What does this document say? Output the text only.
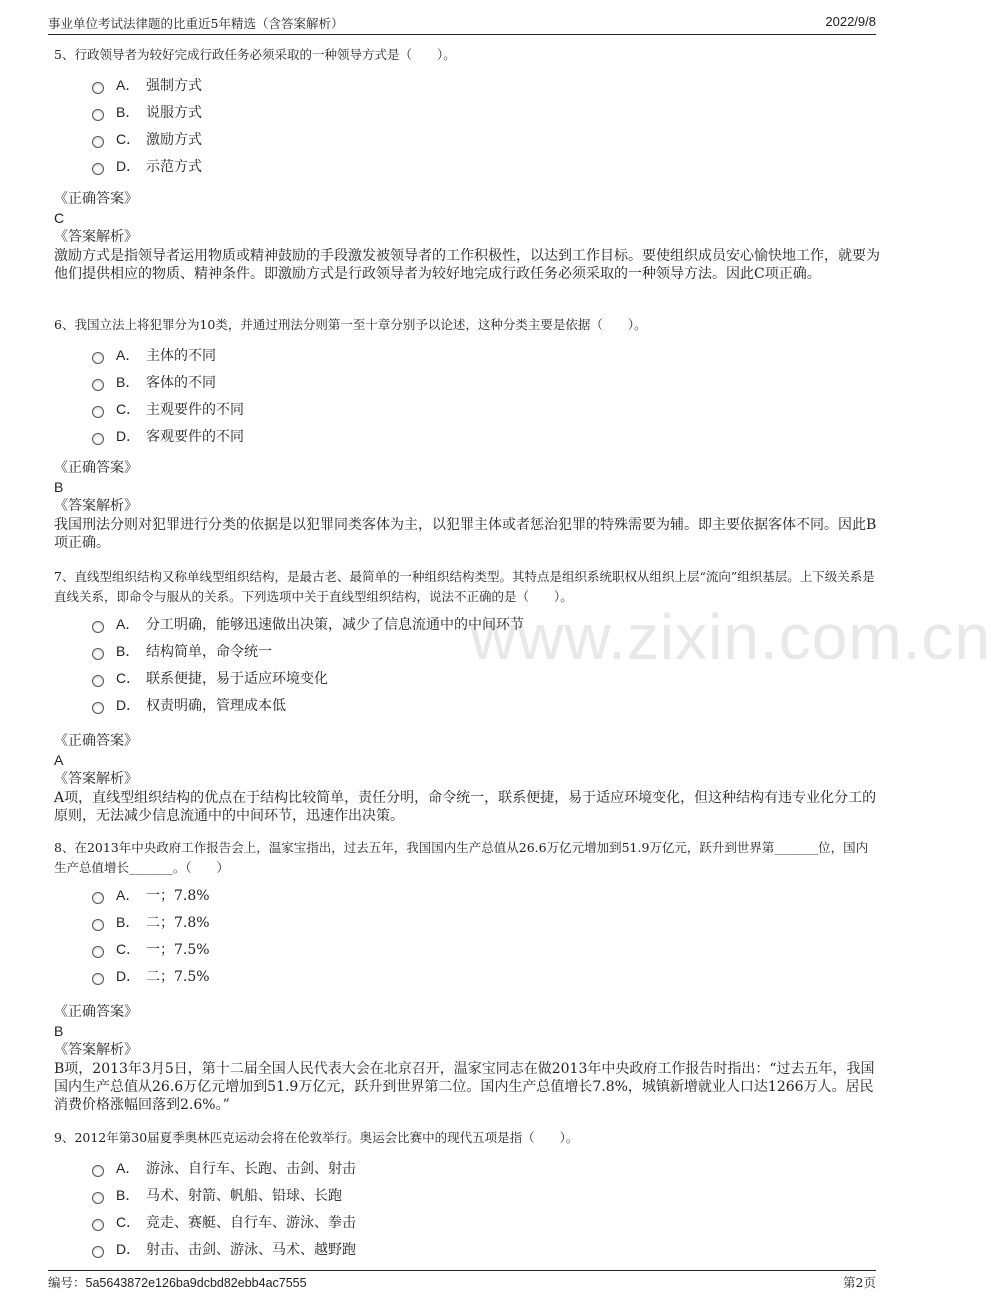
事业单位考试法律题的比重近5年精选（含答案解析）	2022/9/8
www.zixin.com.cn

5、行政领导者为较好完成行政任务必须采取的一种领导方式是（　　）。

A． 强制方式
B． 说服方式
C． 激励方式
D． 示范方式

《正确答案》

C

《答案解析》

激励方式是指领导者运用物质或精神鼓励的手段激发被领导者的工作积极性，以达到工作目标。要使组织成员安心愉快地工作，就要为他们提供相应的物质、精神条件。即激励方式是行政领导者为较好地完成行政任务必须采取的一种领导方法。因此C项正确。

6、我国立法上将犯罪分为10类，并通过刑法分则第一至十章分别予以论述，这种分类主要是依据（　　）。

A． 主体的不同
B． 客体的不同
C． 主观要件的不同
D． 客观要件的不同

《正确答案》

B

《答案解析》

我国刑法分则对犯罪进行分类的依据是以犯罪同类客体为主，以犯罪主体或者惩治犯罪的特殊需要为辅。即主要依据客体不同。因此B项正确。

7、直线型组织结构又称单线型组织结构，是最古老、最简单的一种组织结构类型。其特点是组织系统职权从组织上层“流向”组织基层。上下级关系是直线关系，即命令与服从的关系。下列选项中关于直线型组织结构，说法不正确的是（　　）。

A． 分工明确，能够迅速做出决策，减少了信息流通中的中间环节
B． 结构简单，命令统一
C． 联系便捷，易于适应环境变化
D． 权责明确，管理成本低

《正确答案》

A

《答案解析》

A项，直线型组织结构的优点在于结构比较简单，责任分明，命令统一，联系便捷，易于适应环境变化，但这种结构有违专业化分工的原则，无法减少信息流通中的中间环节，迅速作出决策。

8、在2013年中央政府工作报告会上，温家宝指出，过去五年，我国国内生产总值从26.6万亿元增加到51.9万亿元，跃升到世界第_______位，国内生产总值增长_______。（　　）

A． 一；7.8%
B． 二；7.8%
C． 一；7.5%
D． 二；7.5%

《正确答案》

B

《答案解析》

B项，2013年3月5日，第十二届全国人民代表大会在北京召开，温家宝同志在做2013年中央政府工作报告时指出：“过去五年，我国国内生产总值从26.6万亿元增加到51.9万亿元，跃升到世界第二位。国内生产总值增长7.8%，城镇新增就业人口达1266万人。居民消费价格涨幅回落到2.6%。”

9、2012年第30届夏季奥林匹克运动会将在伦敦举行。奥运会比赛中的现代五项是指（　　）。

A． 游泳、自行车、长跑、击剑、射击
B． 马术、射箭、帆船、铅球、长跑
C． 竞走、赛艇、自行车、游泳、拳击
D． 射击、击剑、游泳、马术、越野跑
编号：5a5643872e126ba9dcbd82ebb4ac7555	第2页
